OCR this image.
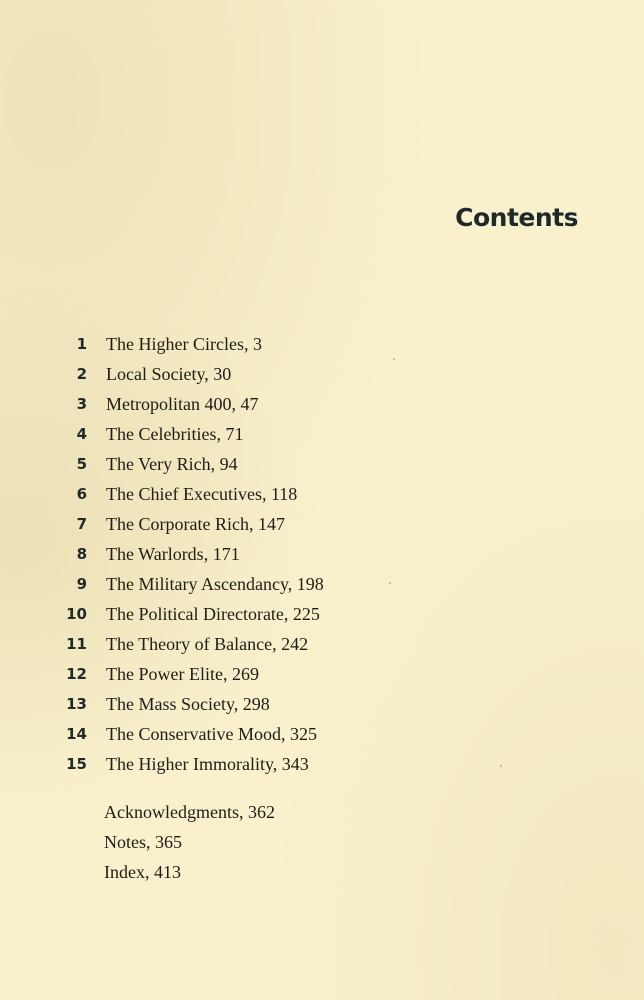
Contents
1 The Higher Circles, 3
2 Local Society, 30
3 Metropolitan 400, 47
4 The Celebrities, 71
5 The Very Rich, 94
6 The Chief Executives, 118
7 The Corporate Rich, 147
8 The Warlords, 171
9 The Military Ascendancy, 198
10 The Political Directorate, 225
11 The Theory of Balance, 242
12 The Power Elite, 269
13 The Mass Society, 298
14 The Conservative Mood, 325
15 The Higher Immorality, 343
Acknowledgments, 362
Notes, 365
Index, 413
